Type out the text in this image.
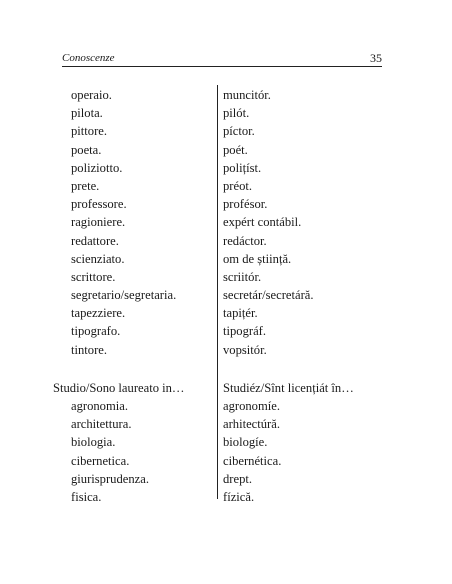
Conoscenze	35
operaio.
pilota.
pittore.
poeta.
poliziotto.
prete.
professore.
ragioniere.
redattore.
scienziato.
scrittore.
segretario/segretaria.
tapezziere.
tipografo.
tintore.
Studio/Sono laureato in…
agronomia.
architettura.
biologia.
cibernetica.
giurisprudenza.
fisica.
muncitór.
pilót.
píctor.
poét.
polițíst.
préot.
profésor.
expért contábil.
redáctor.
om de știință.
scriitór.
secretár/secretáră.
tapițér.
tipográf.
vopsitór.
Studiéz/Sînt licențiát în…
agronomíe.
arhitectúră.
biologíe.
cibernética.
drept.
fízică.
